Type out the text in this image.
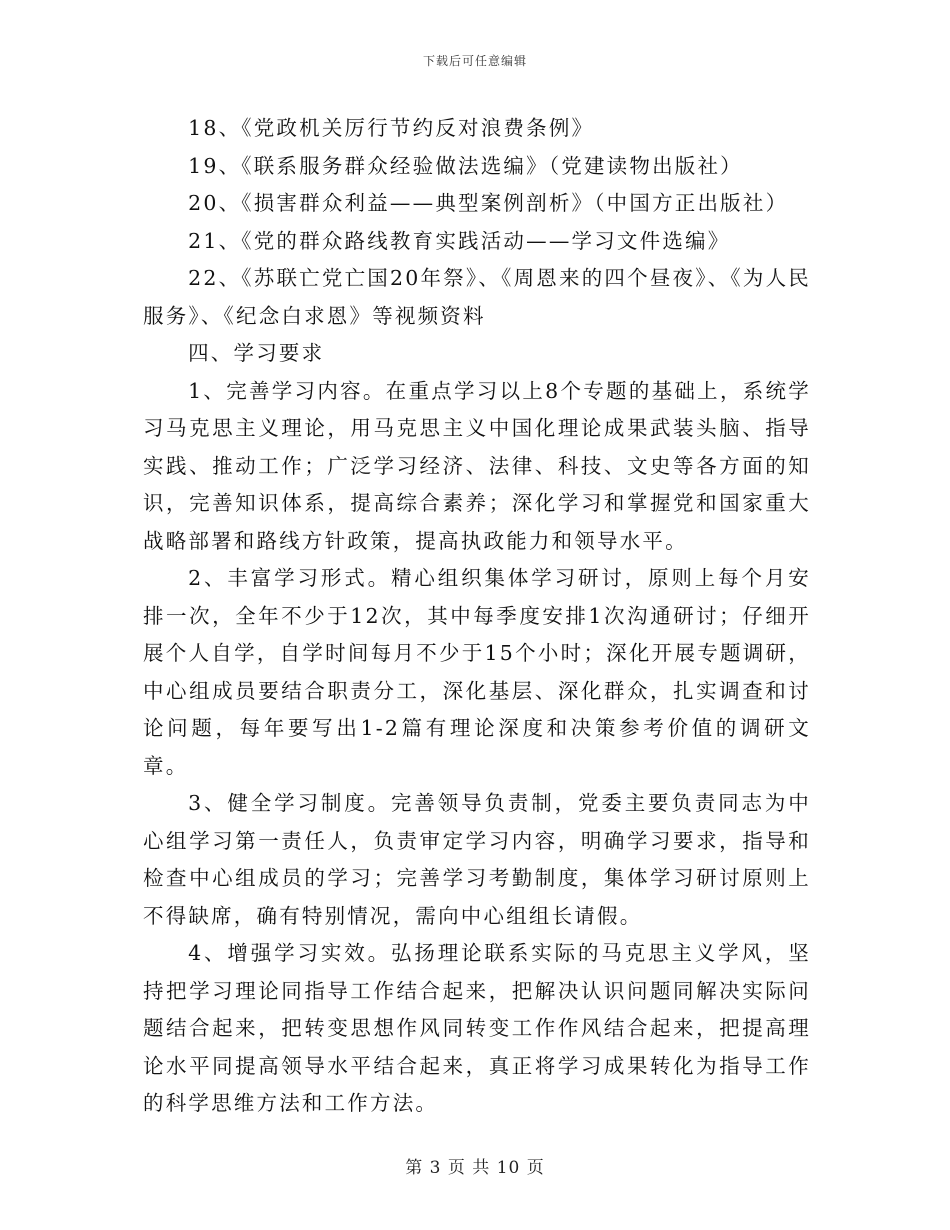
下载后可任意编辑

18、《党政机关厉行节约反对浪费条例》

19、《联系服务群众经验做法选编》（党建读物出版社）

20、《损害群众利益——典型案例剖析》（中国方正出版社）

21、《党的群众路线教育实践活动——学习文件选编》

22、《苏联亡党亡国20年祭》、《周恩来的四个昼夜》、《为人民服务》、《纪念白求恩》等视频资料

四、学习要求

1、完善学习内容。在重点学习以上8个专题的基础上，系统学习马克思主义理论，用马克思主义中国化理论成果武装头脑、指导实践、推动工作；广泛学习经济、法律、科技、文史等各方面的知识，完善知识体系，提高综合素养；深化学习和掌握党和国家重大战略部署和路线方针政策，提高执政能力和领导水平。

2、丰富学习形式。精心组织集体学习研讨，原则上每个月安排一次，全年不少于12次，其中每季度安排1次沟通研讨；仔细开展个人自学，自学时间每月不少于15个小时；深化开展专题调研，中心组成员要结合职责分工，深化基层、深化群众，扎实调查和讨论问题，每年要写出1-2篇有理论深度和决策参考价值的调研文章。

3、健全学习制度。完善领导负责制，党委主要负责同志为中心组学习第一责任人，负责审定学习内容，明确学习要求，指导和检查中心组成员的学习；完善学习考勤制度，集体学习研讨原则上不得缺席，确有特别情况，需向中心组组长请假。

4、增强学习实效。弘扬理论联系实际的马克思主义学风，坚持把学习理论同指导工作结合起来，把解决认识问题同解决实际问题结合起来，把转变思想作风同转变工作作风结合起来，把提高理论水平同提高领导水平结合起来，真正将学习成果转化为指导工作的科学思维方法和工作方法。

第 3 页 共 10 页
